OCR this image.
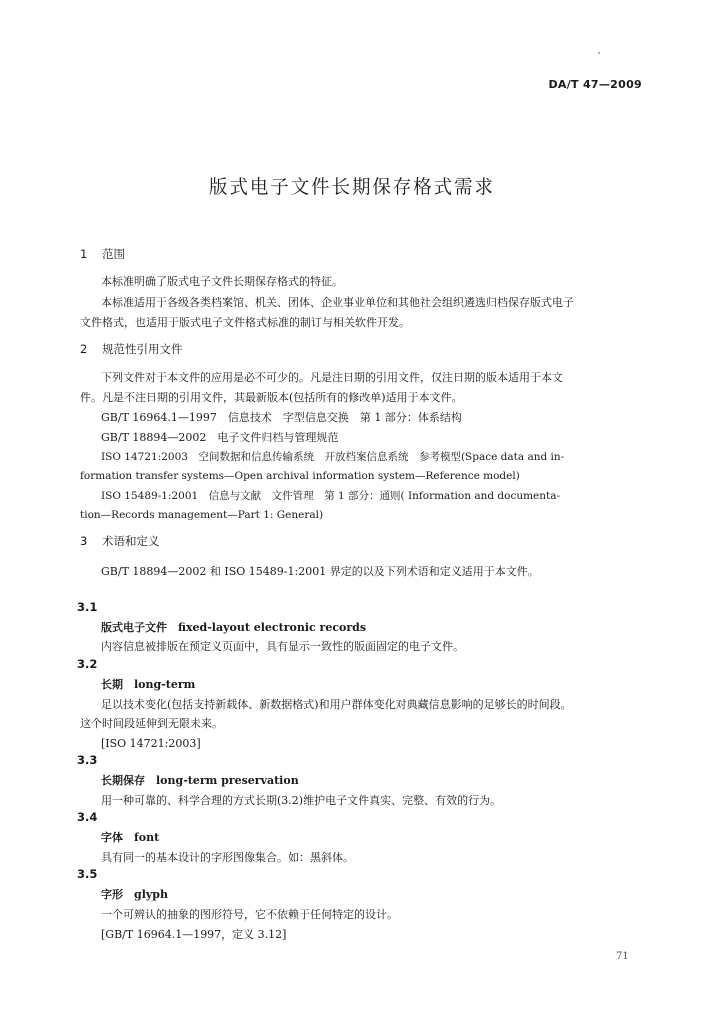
DA/T 47—2009
版式电子文件长期保存格式需求
1 范围
本标准明确了版式电子文件长期保存格式的特征。
本标准适用于各级各类档案馆、机关、团体、企业事业单位和其他社会组织遴选归档保存版式电子
文件格式，也适用于版式电子文件格式标准的制订与相关软件开发。
2 规范性引用文件
下列文件对于本文件的应用是必不可少的。凡是注日期的引用文件，仅注日期的版本适用于本文
件。凡是不注日期的引用文件，其最新版本(包括所有的修改单)适用于本文件。
GB/T 16964.1—1997　信息技术　字型信息交换　第 1 部分：体系结构
GB/T 18894—2002　电子文件归档与管理规范
ISO 14721:2003　空间数据和信息传输系统　开放档案信息系统　参考模型(Space data and in-
formation transfer systems—Open archival information system—Reference model)
ISO 15489-1:2001　信息与文献　文件管理　第 1 部分：通则( Information and documenta-
tion—Records management—Part 1: General)
3 术语和定义
GB/T 18894—2002 和 ISO 15489-1:2001 界定的以及下列术语和定义适用于本文件。
3.1
版式电子文件　fixed-layout electronic records
内容信息被排版在预定义页面中，具有显示一致性的版面固定的电子文件。
3.2
长期　long-term
足以技术变化(包括支持新载体、新数据格式)和用户群体变化对典藏信息影响的足够长的时间段。
这个时间段延伸到无限未来。
[ISO 14721:2003]
3.3
长期保存　long-term preservation
用一种可靠的、科学合理的方式长期(3.2)维护电子文件真实、完整、有效的行为。
3.4
字体　font
具有同一的基本设计的字形图像集合。如：黑斜体。
3.5
字形　glyph
一个可辨认的抽象的图形符号，它不依赖于任何特定的设计。
[GB/T 16964.1—1997，定义 3.12]
71
